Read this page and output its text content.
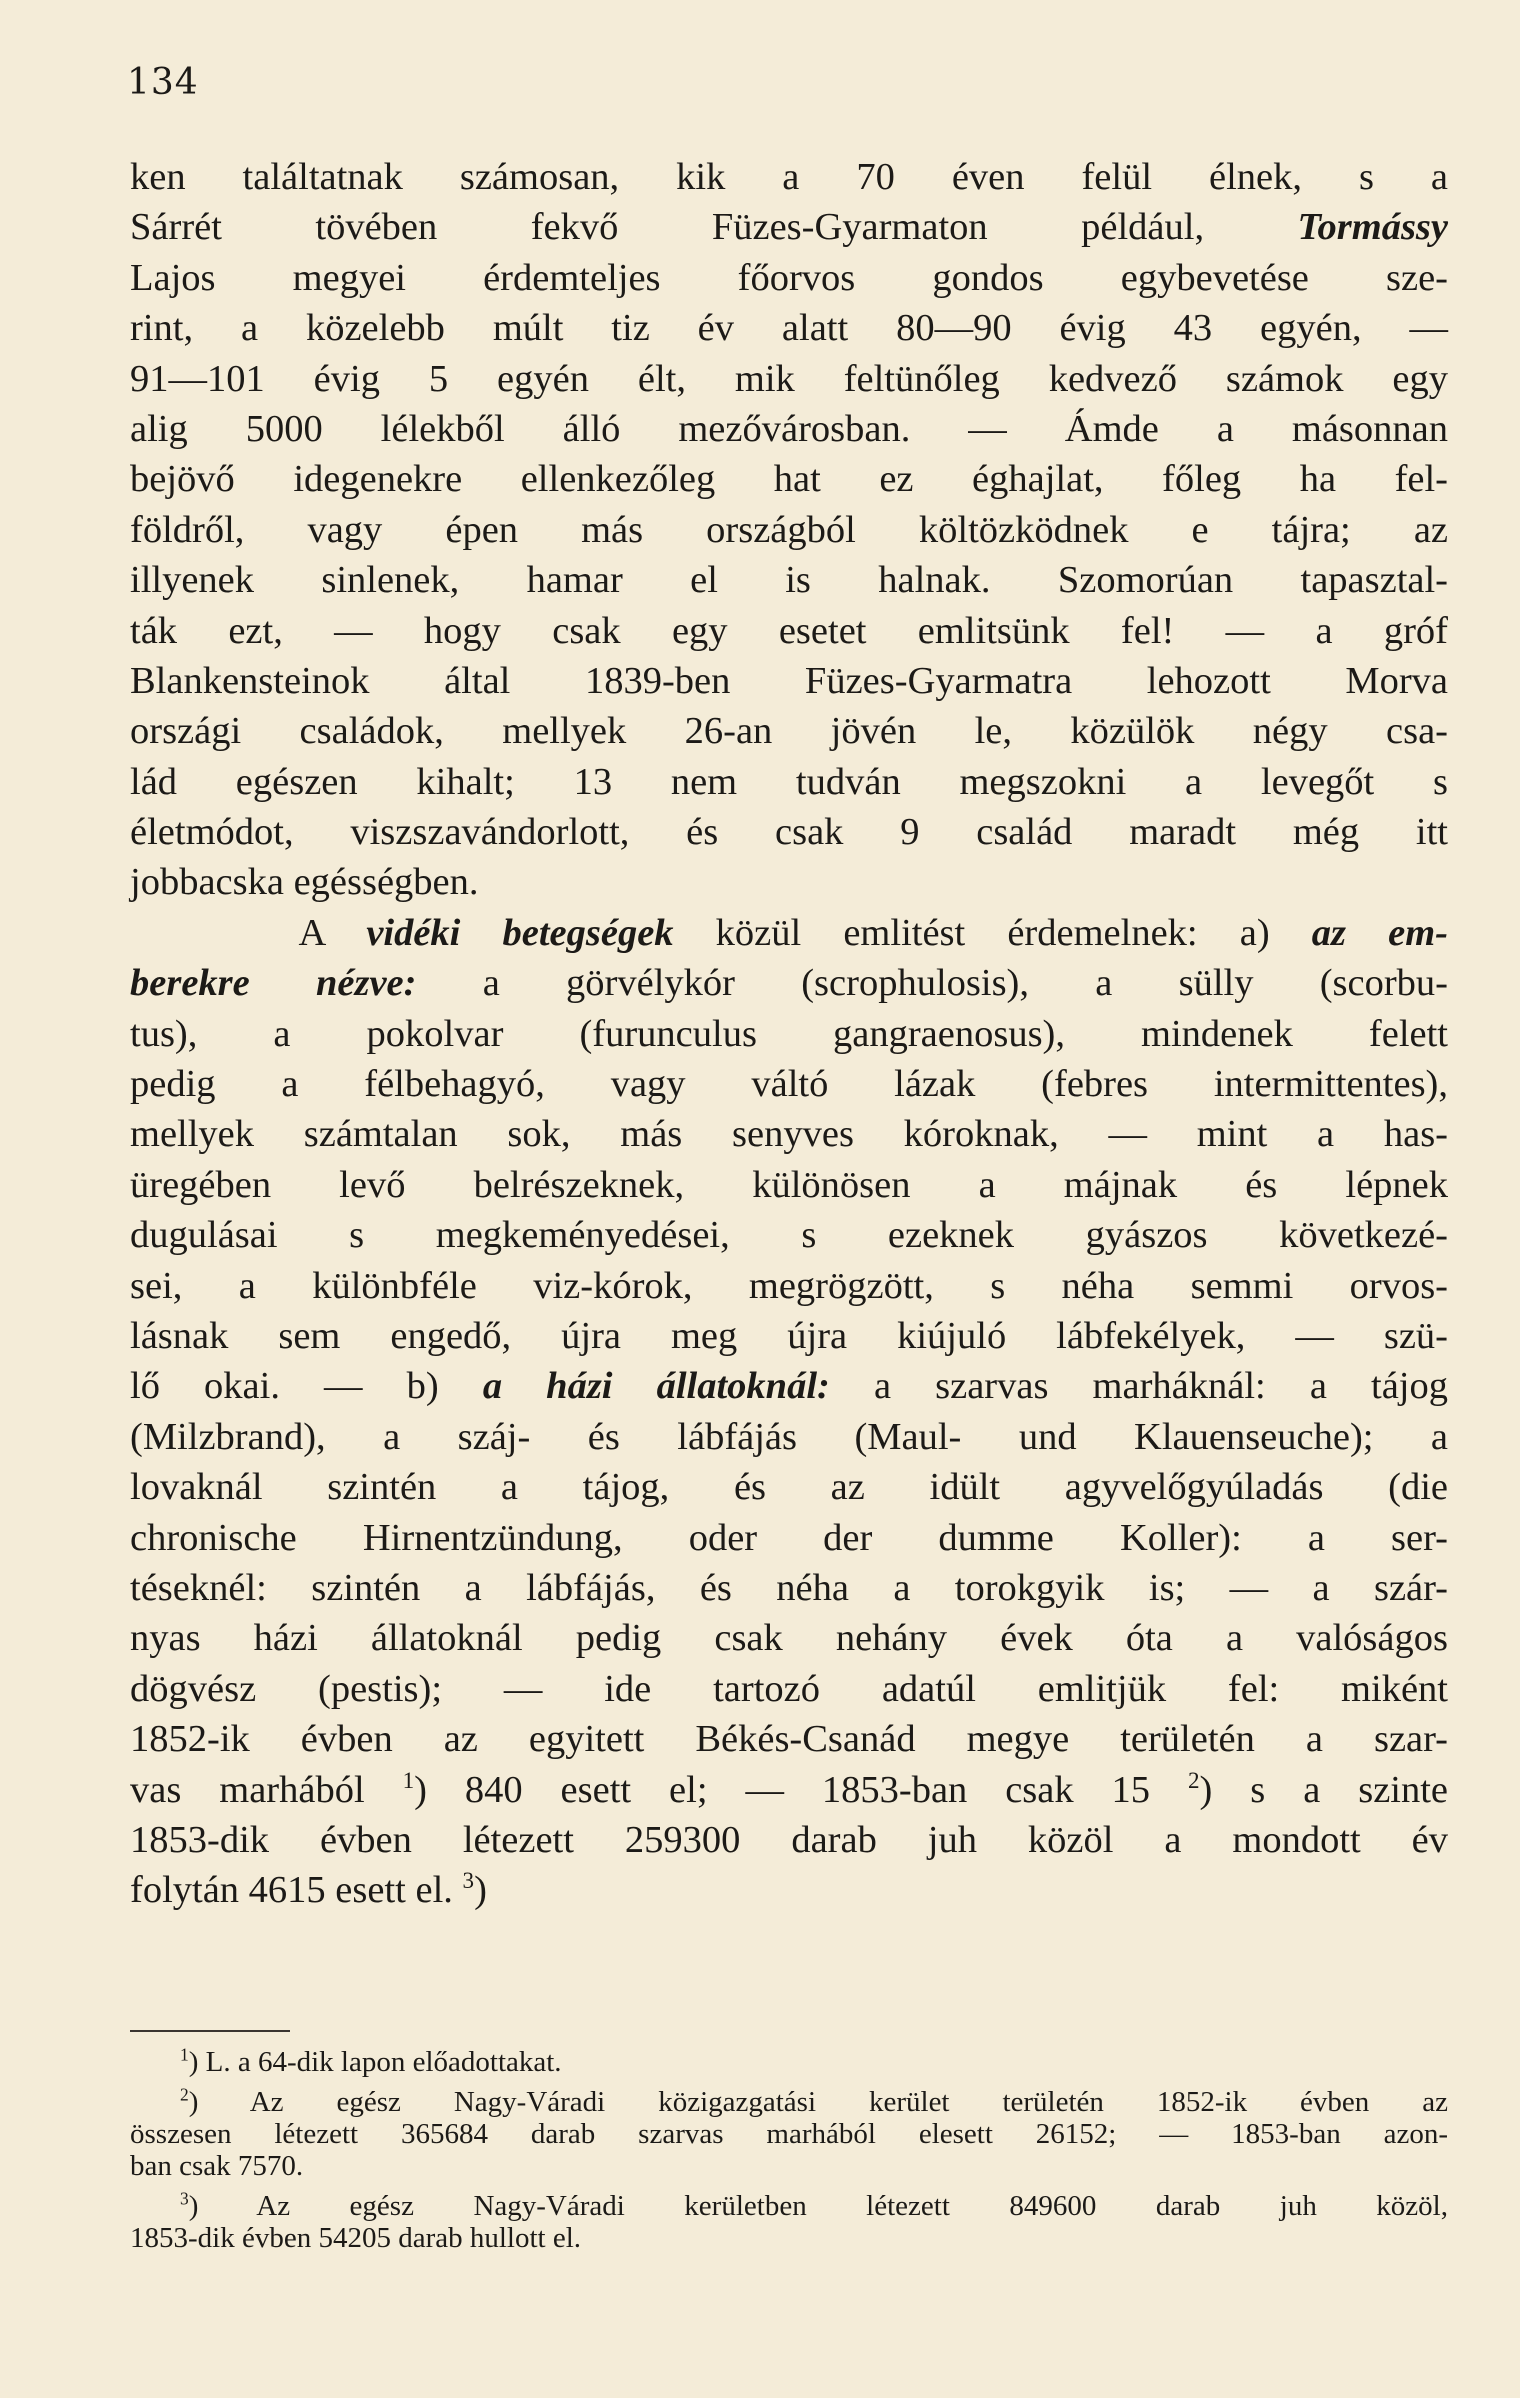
134
ken találtatnak számosan, kik a 70 éven felül élnek, s a
Sárrét tövében fekvő Füzes-Gyarmaton például, Tormássy
Lajos megyei érdemteljes főorvos gondos egybevetése sze-
rint, a közelebb múlt tiz év alatt 80—90 évig 43 egyén, —
91—101 évig 5 egyén élt, mik feltünőleg kedvező számok egy
alig 5000 lélekből álló mezővárosban. — Ámde a másonnan
bejövő idegenekre ellenkezőleg hat ez éghajlat, főleg ha fel-
földről, vagy épen más országból költözködnek e tájra; az
illyenek sinlenek, hamar el is halnak. Szomorúan tapasztal-
ták ezt, — hogy csak egy esetet emlitsünk fel! — a gróf
Blankensteinok által 1839-ben Füzes-Gyarmatra lehozott Morva
országi családok, mellyek 26-an jövén le, közülök négy csa-
lád egészen kihalt; 13 nem tudván megszokni a levegőt s
életmódot, viszszavándorlott, és csak 9 család maradt még itt
jobbacska egésségben.
A vidéki betegségek közül emlitést érdemelnek: a) az em-
berekre nézve: a görvélykór (scrophulosis), a sülly (scorbu-
tus), a pokolvar (furunculus gangraenosus), mindenek felett
pedig a félbehagyó, vagy váltó lázak (febres intermittentes),
mellyek számtalan sok, más senyves kóroknak, — mint a has-
üregében levő belrészeknek, különösen a májnak és lépnek
dugulásai s megkeményedései, s ezeknek gyászos következé-
sei, a különbféle viz-kórok, megrögzött, s néha semmi orvos-
lásnak sem engedő, újra meg újra kiújuló lábfekélyek, — szü-
lő okai. — b) a házi állatoknál: a szarvas marháknál: a tájog
(Milzbrand), a száj- és lábfájás (Maul- und Klauenseuche); a
lovaknál szintén a tájog, és az idült agyvelőgyúladás (die
chronische Hirnentzündung, oder der dumme Koller): a ser-
téseknél: szintén a lábfájás, és néha a torokgyik is; — a szár-
nyas házi állatoknál pedig csak nehány évek óta a valóságos
dögvész (pestis); — ide tartozó adatúl emlitjük fel: miként
1852-ik évben az egyitett Békés-Csanád megye területén a szar-
vas marhából $^1$) 840 esett el; — 1853-ban csak 15 $^2$) s a szinte
1853-dik évben létezett 259300 darab juh közöl a mondott év
folytán 4615 esett el. $^3$)
$^1$) L. a 64-dik lapon előadottakat.
$^2$) Az egész Nagy-Váradi közigazgatási kerület területén 1852-ik évben az
összesen létezett 365684 darab szarvas marhából elesett 26152; — 1853-ban azon-
ban csak 7570.
$^3$) Az egész Nagy-Váradi kerületben létezett 849600 darab juh közöl,
1853-dik évben 54205 darab hullott el.
